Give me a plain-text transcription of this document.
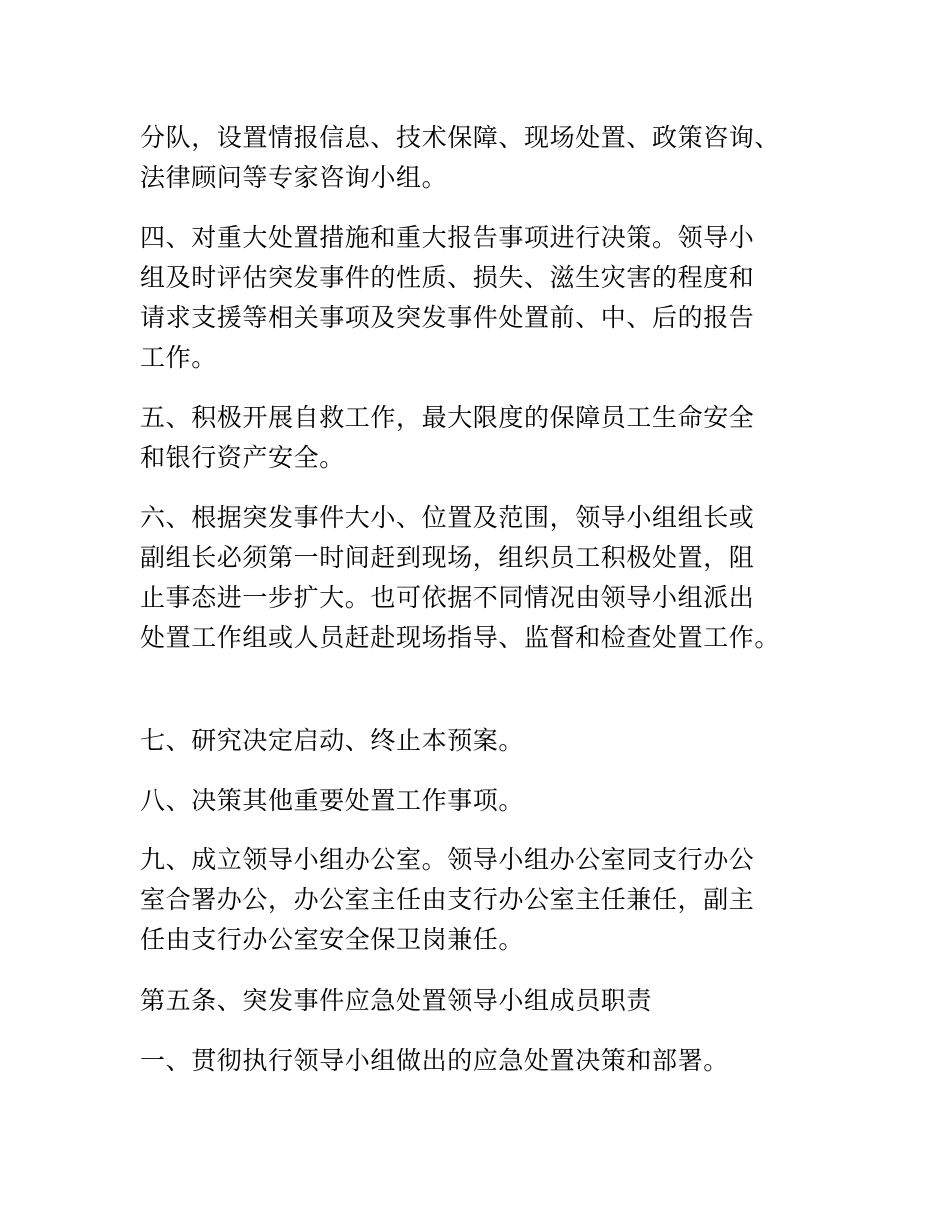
分队，设置情报信息、技术保障、现场处置、政策咨询、
法律顾问等专家咨询小组。

四、对重大处置措施和重大报告事项进行决策。领导小
组及时评估突发事件的性质、损失、滋生灾害的程度和
请求支援等相关事项及突发事件处置前、中、后的报告
工作。

五、积极开展自救工作，最大限度的保障员工生命安全
和银行资产安全。

六、根据突发事件大小、位置及范围，领导小组组长或
副组长必须第一时间赶到现场，组织员工积极处置，阻
止事态进一步扩大。也可依据不同情况由领导小组派出
处置工作组或人员赶赴现场指导、监督和检查处置工作。

七、研究决定启动、终止本预案。

八、决策其他重要处置工作事项。

九、成立领导小组办公室。领导小组办公室同支行办公
室合署办公，办公室主任由支行办公室主任兼任，副主
任由支行办公室安全保卫岗兼任。

第五条、突发事件应急处置领导小组成员职责

一、贯彻执行领导小组做出的应急处置决策和部署。
